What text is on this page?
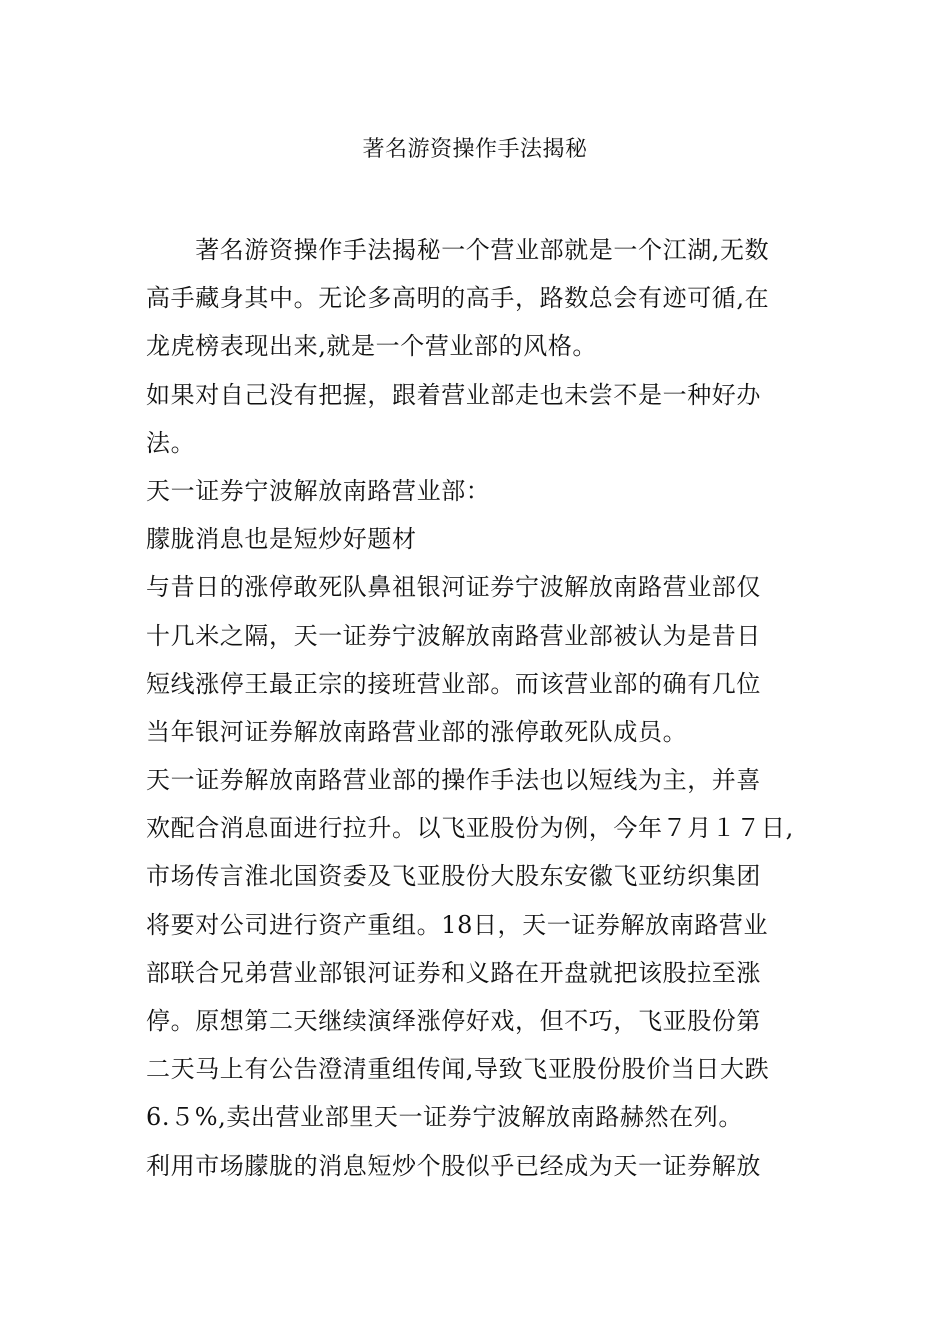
著名游资操作手法揭秘
　　著名游资操作手法揭秘一个营业部就是一个江湖,无数
高手藏身其中。无论多高明的高手，路数总会有迹可循,在
龙虎榜表现出来,就是一个营业部的风格。
如果对自己没有把握，跟着营业部走也未尝不是一种好办
法。
天一证券宁波解放南路营业部：
朦胧消息也是短炒好题材
与昔日的涨停敢死队鼻祖银河证券宁波解放南路营业部仅
十几米之隔，天一证券宁波解放南路营业部被认为是昔日
短线涨停王最正宗的接班营业部。而该营业部的确有几位
当年银河证券解放南路营业部的涨停敢死队成员。
天一证券解放南路营业部的操作手法也以短线为主，并喜
欢配合消息面进行拉升。以飞亚股份为例，今年７月１７日,
市场传言淮北国资委及飞亚股份大股东安徽飞亚纺织集团
将要对公司进行资产重组。18日，天一证券解放南路营业
部联合兄弟营业部银河证券和义路在开盘就把该股拉至涨
停。原想第二天继续演绎涨停好戏，但不巧，飞亚股份第
二天马上有公告澄清重组传闻,导致飞亚股份股价当日大跌
6.５%,卖出营业部里天一证券宁波解放南路赫然在列。
利用市场朦胧的消息短炒个股似乎已经成为天一证券解放
